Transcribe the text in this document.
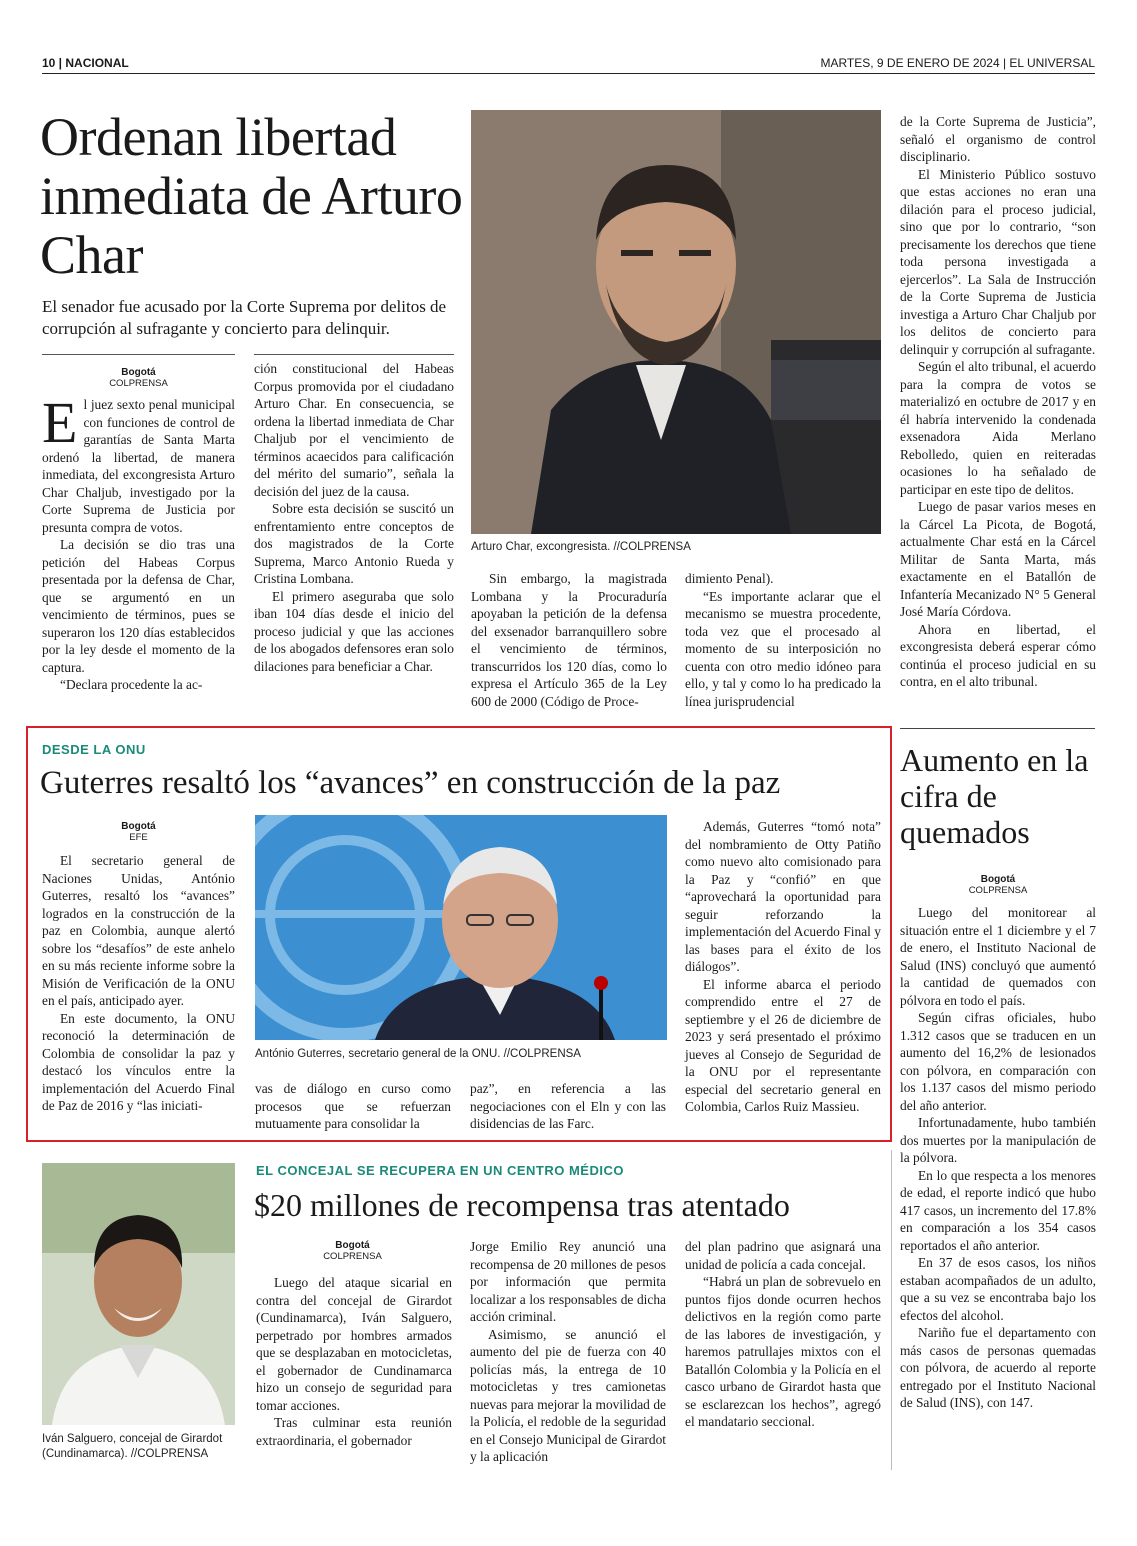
10 | NACIONAL	MARTES, 9 DE ENERO DE 2024 | EL UNIVERSAL
Ordenan libertad inmediata de Arturo Char
El senador fue acusado por la Corte Suprema por delitos de corrupción al sufragante y concierto para delinquir.
Bogotá
COLPRENSA
E l juez sexto penal municipal con funciones de control de garantías de Santa Marta ordenó la libertad, de manera inmediata, del excongresista Arturo Char Chaljub, investigado por la Corte Suprema de Justicia por presunta compra de votos.

La decisión se dio tras una petición del Habeas Corpus presentada por la defensa de Char, que se argumentó en un vencimiento de términos, pues se superaron los 120 días establecidos por la ley desde el momento de la captura.

“Declara procedente la ac-

ción constitucional del Habeas Corpus promovida por el ciudadano Arturo Char. En consecuencia, se ordena la libertad inmediata de Char Chaljub por el vencimiento de términos acaecidos para calificación del mérito del sumario”, señala la decisión del juez de la causa.

Sobre esta decisión se suscitó un enfrentamiento entre conceptos de dos magistrados de la Corte Suprema, Marco Antonio Rueda y Cristina Lombana.

El primero aseguraba que solo iban 104 días desde el inicio del proceso judicial y que las acciones de los abogados defensores eran solo dilaciones para beneficiar a Char.

Arturo Char, excongresista. //COLPRENSA

Sin embargo, la magistrada Lombana y la Procuraduría apoyaban la petición de la defensa del exsenador barranquillero sobre el vencimiento de términos, transcurridos los 120 días, como lo expresa el Artículo 365 de la Ley 600 de 2000 (Código de Proce-

dimiento Penal).

“Es importante aclarar que el mecanismo se muestra procedente, toda vez que el procesado al momento de su interposición no cuenta con otro medio idóneo para ello, y tal y como lo ha predicado la línea jurisprudencial

de la Corte Suprema de Justicia”, señaló el organismo de control disciplinario.

El Ministerio Público sostuvo que estas acciones no eran una dilación para el proceso judicial, sino que por lo contrario, “son precisamente los derechos que tiene toda persona investigada a ejercerlos”. La Sala de Instrucción de la Corte Suprema de Justicia investiga a Arturo Char Chaljub por los delitos de concierto para delinquir y corrupción al sufragante.

Según el alto tribunal, el acuerdo para la compra de votos se materializó en octubre de 2017 y en él habría intervenido la condenada exsenadora Aida Merlano Rebolledo, quien en reiteradas ocasiones lo ha señalado de participar en este tipo de delitos.

Luego de pasar varios meses en la Cárcel La Picota, de Bogotá, actualmente Char está en la Cárcel Militar de Santa Marta, más exactamente en el Batallón de Infantería Mecanizado N° 5 General José María Córdova.

Ahora en libertad, el excongresista deberá esperar cómo continúa el proceso judicial en su contra, en el alto tribunal.

DESDE LA ONU
Guterres resaltó los “avances” en construcción de la paz
Bogotá
EFE

El secretario general de Naciones Unidas, António Guterres, resaltó los “avances” logrados en la construcción de la paz en Colombia, aunque alertó sobre los “desafíos” de este anhelo en su más reciente informe sobre la Misión de Verificación de la ONU en el país, anticipado ayer.

En este documento, la ONU reconoció la determinación de Colombia de consolidar la paz y destacó los vínculos entre la implementación del Acuerdo Final de Paz de 2016 y “las iniciati-

António Guterres, secretario general de la ONU. //COLPRENSA

vas de diálogo en curso como procesos que se refuerzan mutuamente para consolidar la

paz”, en referencia a las negociaciones con el Eln y con las disidencias de las Farc.

Además, Guterres “tomó nota” del nombramiento de Otty Patiño como nuevo alto comisionado para la Paz y “confió” en que “aprovechará la oportunidad para seguir reforzando la implementación del Acuerdo Final y las bases para el éxito de los diálogos”.

El informe abarca el periodo comprendido entre el 27 de septiembre y el 26 de diciembre de 2023 y será presentado el próximo jueves al Consejo de Seguridad de la ONU por el representante especial del secretario general en Colombia, Carlos Ruiz Massieu.

Aumento en la cifra de quemados
Bogotá
COLPRENSA

Luego del monitorear al situación entre el 1 diciembre y el 7 de enero, el Instituto Nacional de Salud (INS) concluyó que aumentó la cantidad de quemados con pólvora en todo el país.

Según cifras oficiales, hubo 1.312 casos que se traducen en un aumento del 16,2% de lesionados con pólvora, en comparación con los 1.137 casos del mismo periodo del año anterior.

Infortunadamente, hubo también dos muertes por la manipulación de la pólvora.

En lo que respecta a los menores de edad, el reporte indicó que hubo 417 casos, un incremento del 17.8% en comparación a los 354 casos reportados el año anterior.

En 37 de esos casos, los niños estaban acompañados de un adulto, que a su vez se encontraba bajo los efectos del alcohol.

Nariño fue el departamento con más casos de personas quemadas con pólvora, de acuerdo al reporte entregado por el Instituto Nacional de Salud (INS), con 147.

Iván Salguero, concejal de Girardot (Cundinamarca). //COLPRENSA
EL CONCEJAL SE RECUPERA EN UN CENTRO MÉDICO
$20 millones de recompensa tras atentado
Bogotá
COLPRENSA

Luego del ataque sicarial en contra del concejal de Girardot (Cundinamarca), Iván Salguero, perpetrado por hombres armados que se desplazaban en motocicletas, el gobernador de Cundinamarca hizo un consejo de seguridad para tomar acciones.

Tras culminar esta reunión extraordinaria, el gobernador

Jorge Emilio Rey anunció una recompensa de 20 millones de pesos por información que permita localizar a los responsables de dicha acción criminal.

Asimismo, se anunció el aumento del pie de fuerza con 40 policías más, la entrega de 10 motocicletas y tres camionetas nuevas para mejorar la movilidad de la Policía, el redoble de la seguridad en el Consejo Municipal de Girardot y la aplicación

del plan padrino que asignará una unidad de policía a cada concejal.

“Habrá un plan de sobrevuelo en puntos fijos donde ocurren hechos delictivos en la región como parte de las labores de investigación, y haremos patrullajes mixtos con el Batallón Colombia y la Policía en el casco urbano de Girardot hasta que se esclarezcan los hechos”, agregó el mandatario seccional.
